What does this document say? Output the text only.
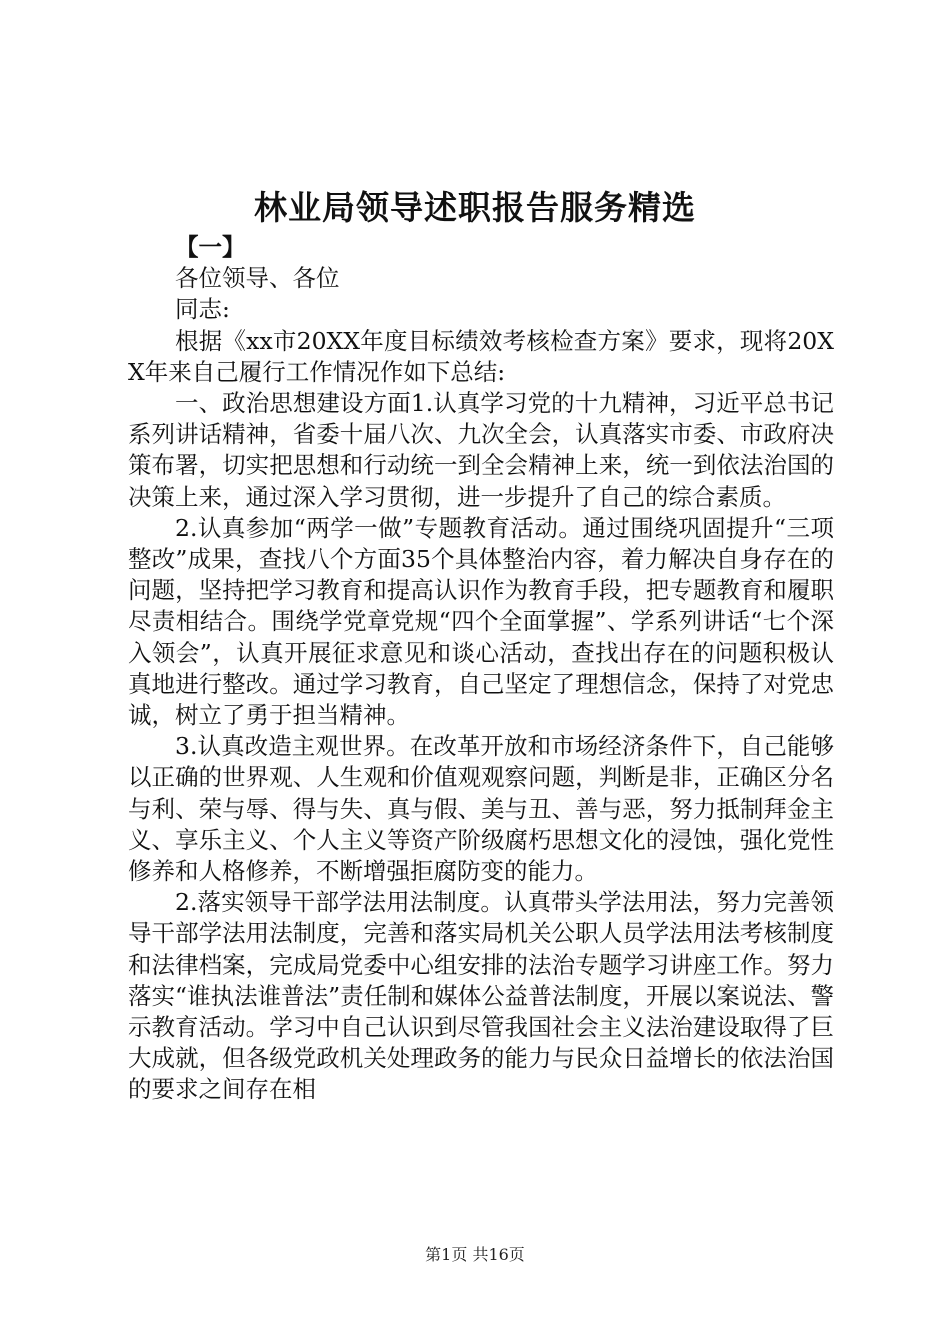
林业局领导述职报告服务精选

【一】

各位领导、各位

同志:

根据《xx市20XX年度目标绩效考核检查方案》要求，现将20XX年来自己履行工作情况作如下总结:

一、政治思想建设方面1.认真学习党的十九精神，习近平总书记系列讲话精神，省委十届八次、九次全会，认真落实市委、市政府决策布署，切实把思想和行动统一到全会精神上来，统一到依法治国的决策上来，通过深入学习贯彻，进一步提升了自己的综合素质。

2.认真参加“两学一做”专题教育活动。通过围绕巩固提升“三项整改”成果，查找八个方面35个具体整治内容，着力解决自身存在的问题，坚持把学习教育和提高认识作为教育手段，把专题教育和履职尽责相结合。围绕学党章党规“四个全面掌握”、学系列讲话“七个深入领会”，认真开展征求意见和谈心活动，查找出存在的问题积极认真地进行整改。通过学习教育，自己坚定了理想信念，保持了对党忠诚，树立了勇于担当精神。

3.认真改造主观世界。在改革开放和市场经济条件下，自己能够以正确的世界观、人生观和价值观观察问题，判断是非，正确区分名与利、荣与辱、得与失、真与假、美与丑、善与恶，努力抵制拜金主义、享乐主义、个人主义等资产阶级腐朽思想文化的浸蚀，强化党性修养和人格修养，不断增强拒腐防变的能力。

2.落实领导干部学法用法制度。认真带头学法用法，努力完善领导干部学法用法制度，完善和落实局机关公职人员学法用法考核制度和法律档案，完成局党委中心组安排的法治专题学习讲座工作。努力落实“谁执法谁普法”责任制和媒体公益普法制度，开展以案说法、警示教育活动。学习中自己认识到尽管我国社会主义法治建设取得了巨大成就，但各级党政机关处理政务的能力与民众日益增长的依法治国的要求之间存在相

第1页 共16页
